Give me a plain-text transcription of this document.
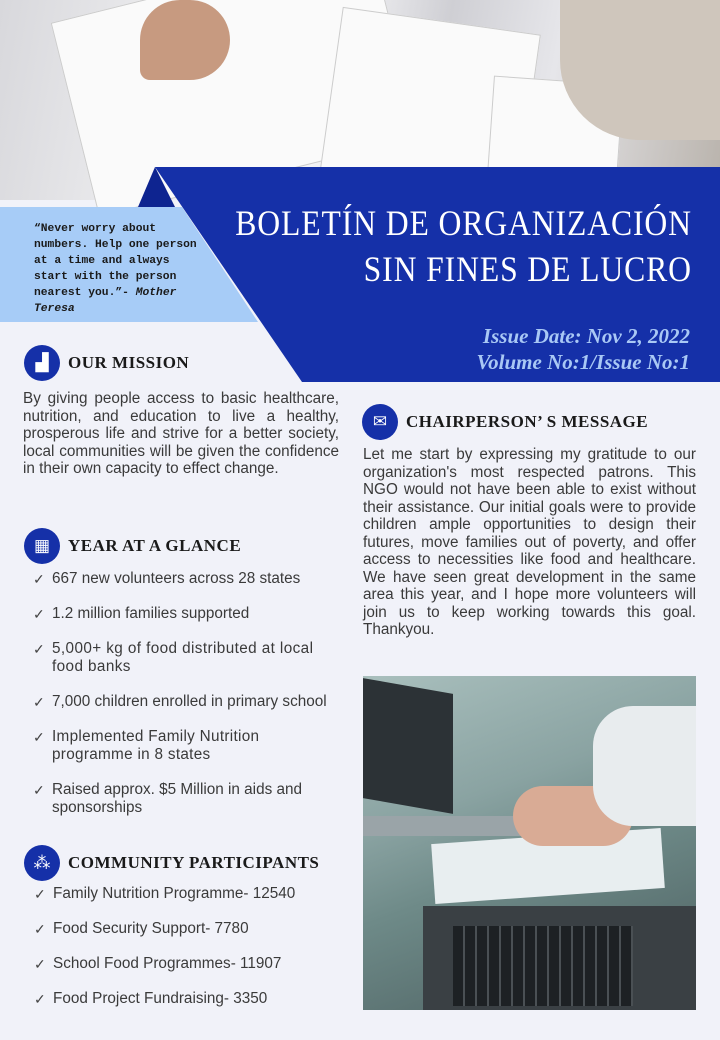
“Never worry about numbers. Help one person at a time and always start with the person nearest you.”- Mother Teresa

BOLETÍN DE ORGANIZACIÓN
SIN FINES DE LUCRO
Issue Date: Nov 2, 2022
Volume No:1/Issue No:1
▟	OUR MISSION

By giving people access to basic healthcare, nutrition, and education to live a healthy, prosperous life and strive for a better society, local communities will be given the confidence in their own capacity to effect change.

▦	YEAR AT A GLANCE
✓ 667 new volunteers across 28 states
✓ 1.2 million families supported
✓ 5,000+ kg of food distributed at local food banks
✓ 7,000 children enrolled in primary school
✓ Implemented Family Nutrition programme in 8 states
✓ Raised approx. $5 Million in aids and sponsorships
⁂	COMMUNITY PARTICIPANTS
✓ Family Nutrition Programme- 12540
✓ Food Security Support- 7780
✓ School Food Programmes- 11907
✓ Food Project Fundraising- 3350
✉	CHAIRPERSON’ S MESSAGE

Let me start by expressing my gratitude to our organization's most respected patrons. This NGO would not have been able to exist without their assistance. Our initial goals were to provide children ample opportunities to design their futures, move families out of poverty, and offer access to necessities like food and healthcare. We have seen great development in the same area this year, and I hope more volunteers will join us to keep working towards this goal. Thankyou.
